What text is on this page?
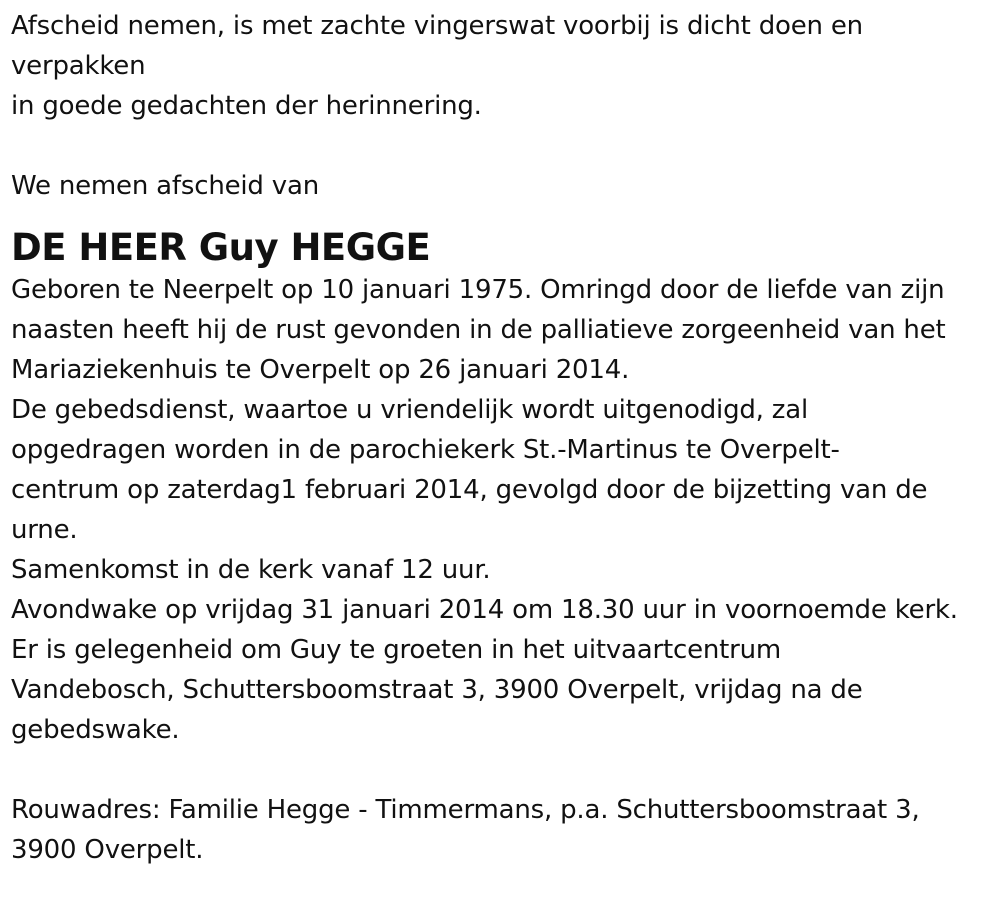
Afscheid nemen, is met zachte vingerswat voorbij is dicht doen en
verpakken
in goede gedachten der herinnering.
We nemen afscheid van
DE HEER Guy HEGGE
Geboren te Neerpelt op 10 januari 1975. Omringd door de liefde van zijn
naasten heeft hij de rust gevonden in de palliatieve zorgeenheid van het
Mariaziekenhuis te Overpelt op 26 januari 2014.
De gebedsdienst, waartoe u vriendelijk wordt uitgenodigd, zal
opgedragen worden in de parochiekerk St.-Martinus te Overpelt-
centrum op zaterdag1 februari 2014, gevolgd door de bijzetting van de
urne.
Samenkomst in de kerk vanaf 12 uur.
Avondwake op vrijdag 31 januari 2014 om 18.30 uur in voornoemde kerk.
Er is gelegenheid om Guy te groeten in het uitvaartcentrum
Vandebosch, Schuttersboomstraat 3, 3900 Overpelt, vrijdag na de
gebedswake.
Rouwadres: Familie Hegge - Timmermans, p.a. Schuttersboomstraat 3,
3900 Overpelt.
